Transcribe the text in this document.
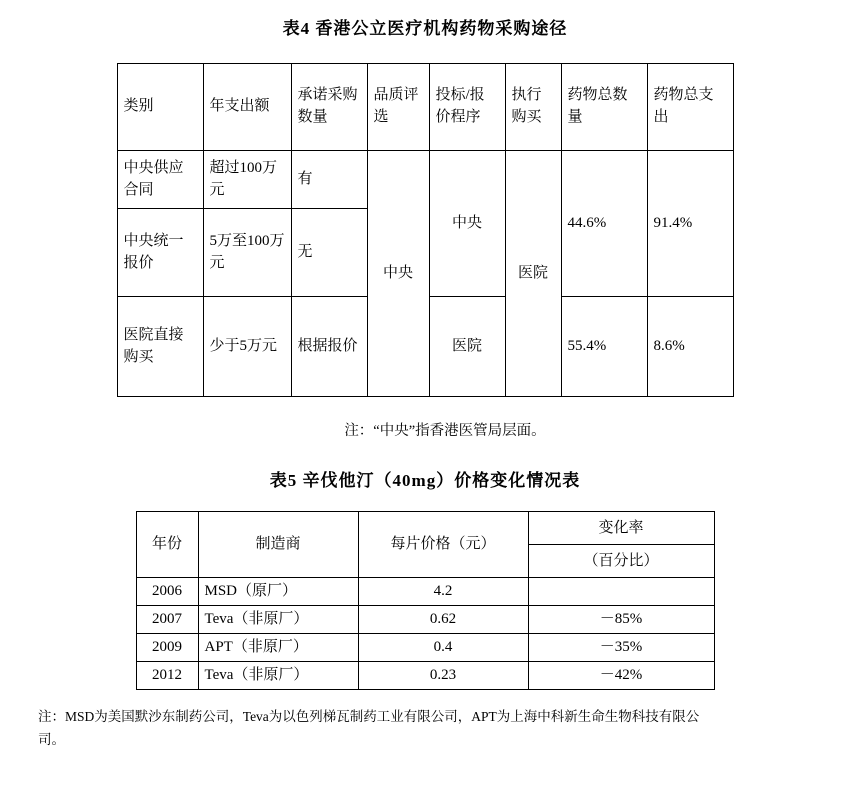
表4 香港公立医疗机构药物采购途径
类别	年支出额	承诺采购数量	品质评选	投标/报价程序	执行购买	药物总数量	药物总支出
中央供应合同	超过100万元	有	中央	中央	医院	44.6%	91.4%
中央统一报价	5万至100万元	无					
医院直接购买	少于5万元	根据报价		医院		55.4%	8.6%
注：“中央”指香港医管局层面。
表5 辛伐他汀（40mg）价格变化情况表
年份	制造商	每片价格（元）	变化率
			（百分比）
2006	MSD（原厂）	4.2	
2007	Teva（非原厂）	0.62	－85%
2009	APT（非原厂）	0.4	－35%
2012	Teva（非原厂）	0.23	－42%
注：MSD为美国默沙东制药公司，Teva为以色列梯瓦制药工业有限公司，APT为上海中科新生命生物科技有限公
司。
